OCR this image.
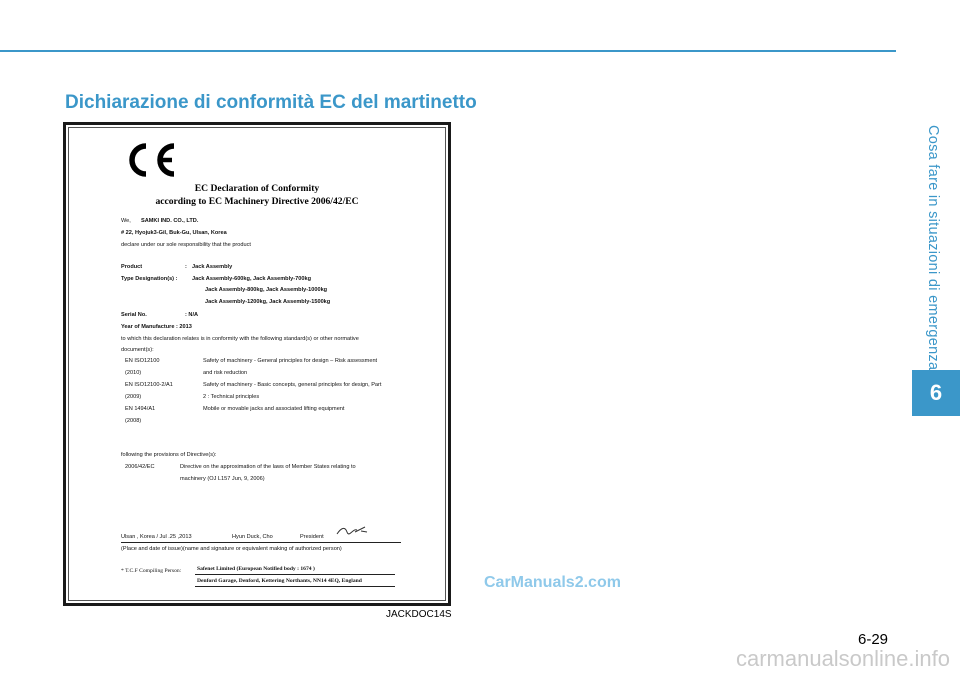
Dichiarazione di conformità EC del martinetto
Cosa fare in situazioni di emergenza
6
EC Declaration of Conformity
according to EC Machinery Directive 2006/42/EC
We, SAMKI IND. CO., LTD.
# 22, Hyojuk3-Gil, Buk-Gu, Ulsan, Korea
declare under our sole responsibility that the product
Product	: Jack Assembly
Type Designation(s) :	Jack Assembly-600kg, Jack Assembly-700kg
Jack Assembly-800kg, Jack Assembly-1000kg
Jack Assembly-1200kg, Jack Assembly-1500kg
Serial No.	: N/A
Year of Manufacture : 2013
to which this declaration relates is in conformity with the following standard(s) or other normative
document(s):
EN ISO12100	Safety of machinery - General principles for design – Risk assessment
(2010)	and risk reduction
EN ISO12100-2/A1	Safety of machinery - Basic concepts, general principles for design, Part
(2009)	2 : Technical principles
EN 1494/A1	Mobile or movable jacks and associated lifting equipment
(2008)
following the provisions of Directive(s):
2006/42/EC	Directive on the approximation of the laws of Member States relating to
machinery (OJ L157 Jun, 9, 2006)
Ulsan , Korea / Jul .25 ,2013	Hyun Duck, Cho	President
(Place and date of issue)(name and signature or equivalent making of authorized person)
* T.C.F Compiling Person:	Safenet Limited (European Notified body : 1674 )
Denford Garage, Denford, Kettering Northants, NN14 4EQ, England
JACKDOC14S
CarManuals2.com
6-29
carmanualsonline.info
